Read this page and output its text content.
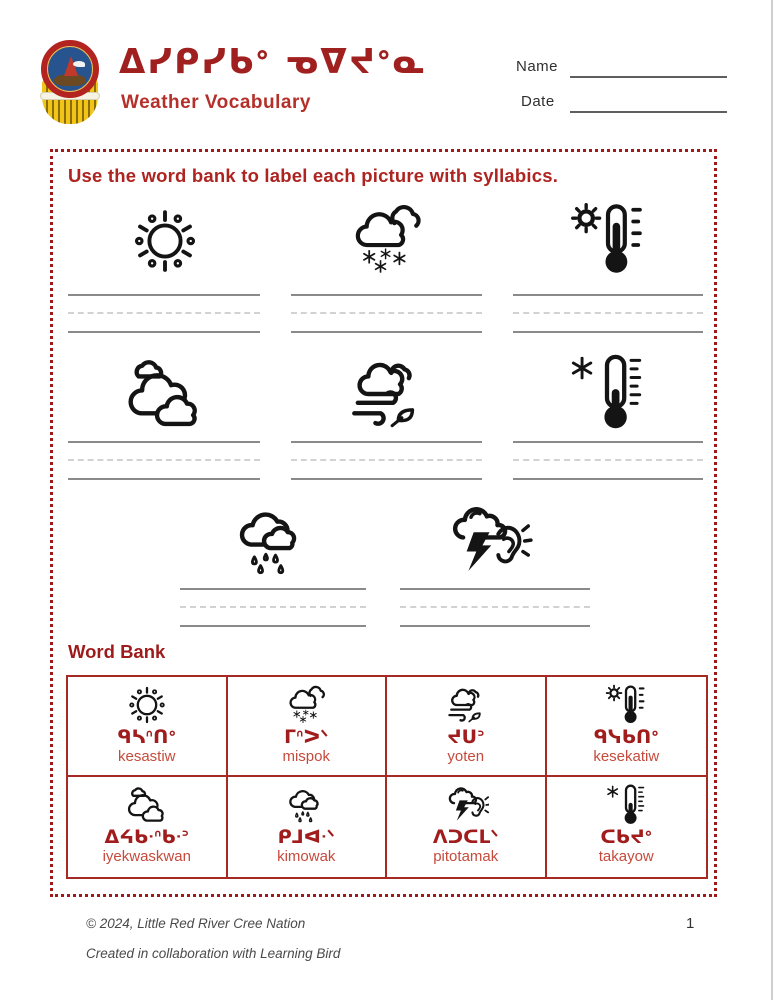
ᐃᓯᑭᓯᑲᐤ ᓀᐁᔪᐤᓇ
Weather Vocabulary
Name
Date
Use the word bank to label each picture with syllabics.
Word Bank
ᑫᓴᐢᑎᐤ
kesastiw
ᒥᐢᐳᐠ
mispok
ᔪᑌᐣ
yoten
ᑫᓭᑲᑎᐤ
kesekatiw
ᐃᔦᑲᐧᐢᑲᐧᐣ
iyekwaskwan
ᑭᒧᐊᐧᐠ
kimowak
ᐱᑐᑕᒪᐠ
pitotamak
ᑕᑲᔪᐤ
takayow
© 2024, Little Red River Cree Nation
Created in collaboration with Learning Bird
1
